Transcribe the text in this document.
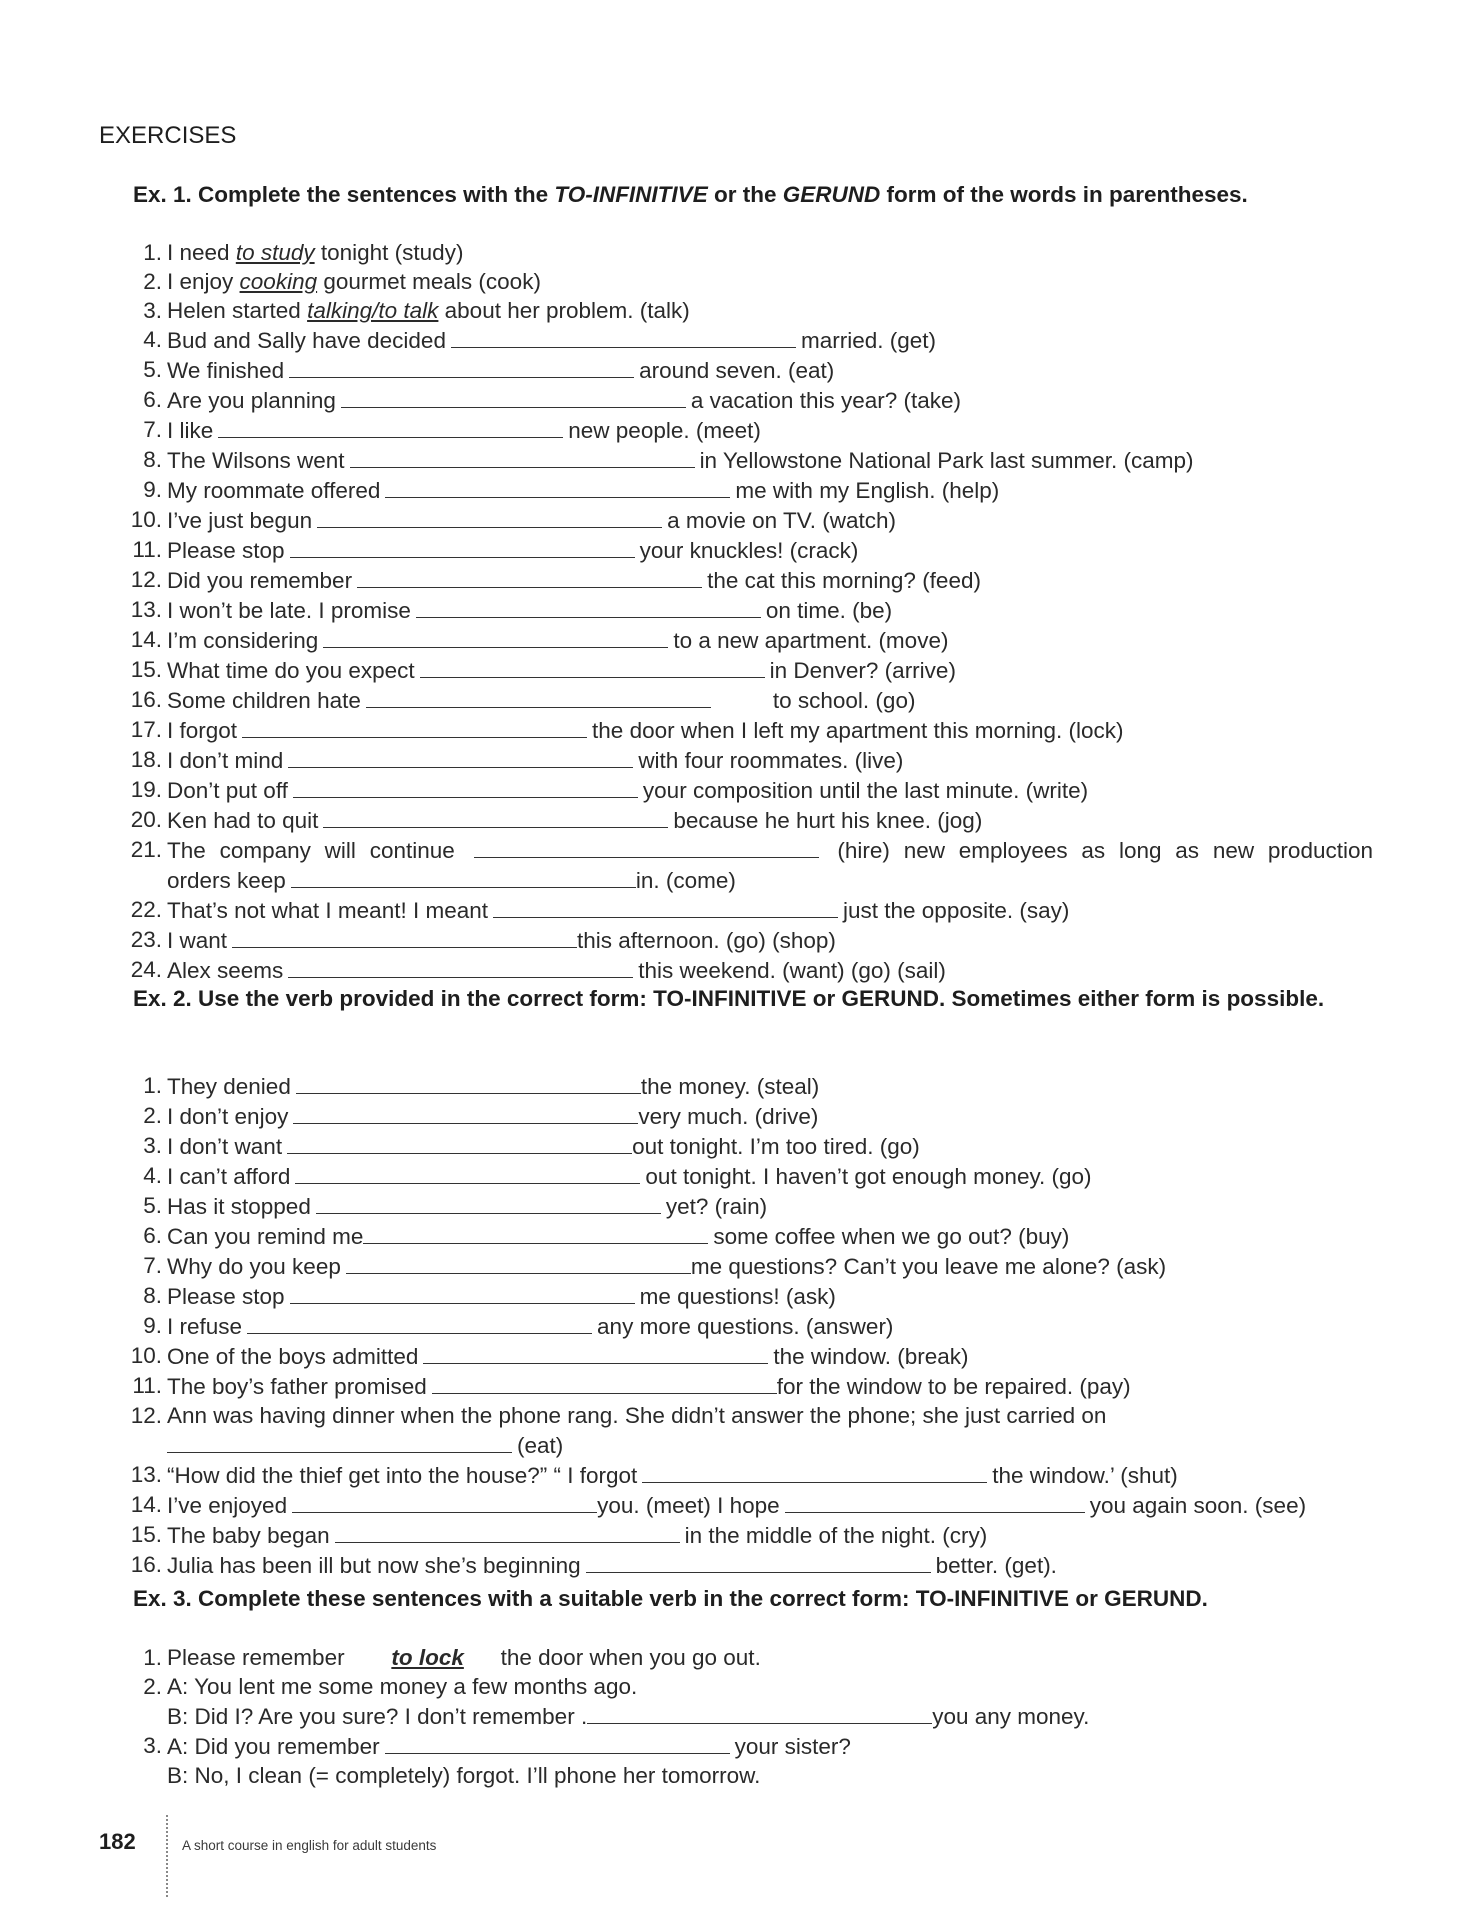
EXERCISES
Ex. 1. Complete the sentences with the TO-INFINITIVE or the GERUND form of the words in parentheses.
1. I need to study tonight (study)
2. I enjoy cooking gourmet meals (cook)
3. Helen started talking/to talk about her problem. (talk)
4. Bud and Sally have decided	married. (get)
5. We finished	around seven. (eat)
6. Are you planning	a vacation this year? (take)
7. I like	new people. (meet)
8. The Wilsons went	in Yellowstone National Park last summer. (camp)
9. My roommate offered	me with my English. (help)
10. I’ve just begun	a movie on TV. (watch)
11. Please stop	your knuckles! (crack)
12. Did you remember	the cat this morning? (feed)
13. I won’t be late. I promise	on time. (be)
14. I’m considering	to a new apartment. (move)
15. What time do you expect	in Denver? (arrive)
16. Some children hate	to school. (go)
17. I forgot	the door when I left my apartment this morning. (lock)
18. I don’t mind	with four roommates. (live)
19. Don’t put off	your composition until the last minute. (write)
20. Ken had to quit	because he hurt his knee. (jog)
21. The company will continue	(hire) new employees as long as new production
orders keep	in. (come)
22. That’s not what I meant! I meant	just the opposite. (say)
23. I want	this afternoon. (go) (shop)
24. Alex seems	this weekend. (want) (go) (sail)
Ex. 2. Use the verb provided in the correct form: TO-INFINITIVE or GERUND. Sometimes either form is possible.
1. They denied	the money. (steal)
2. I don’t enjoy	very much. (drive)
3. I don’t want	out tonight. I’m too tired. (go)
4. I can’t afford	out tonight. I haven’t got enough money. (go)
5. Has it stopped	yet? (rain)
6. Can you remind me	some coffee when we go out? (buy)
7. Why do you keep	me questions? Can’t you leave me alone? (ask)
8. Please stop	me questions! (ask)
9. I refuse	any more questions. (answer)
10. One of the boys admitted	the window. (break)
11. The boy’s father promised	for the window to be repaired. (pay)
12. Ann was having dinner when the phone rang. She didn’t answer the phone; she just carried on
(eat)
13. “How did the thief get into the house?” “ I forgot	the window.’ (shut)
14. I’ve enjoyed	you. (meet) I hope	you again soon. (see)
15. The baby began	in the middle of the night. (cry)
16. Julia has been ill but now she’s beginning	better. (get).
Ex. 3. Complete these sentences with a suitable verb in the correct form: TO-INFINITIVE or GERUND.
1. Please remember to lock the door when you go out.
2. A: You lent me some money a few months ago.
B: Did I? Are you sure? I don’t remember .	you any money.
3. A: Did you remember	your sister?
B: No, I clean (= completely) forgot. I’ll phone her tomorrow.
182	A short course in english for adult students
